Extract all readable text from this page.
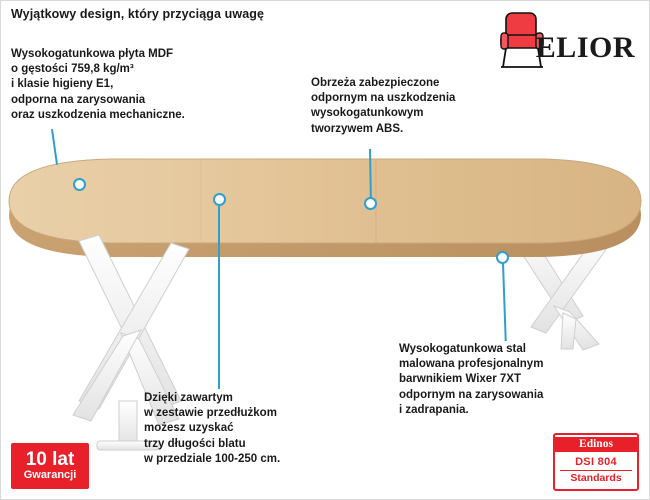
Wyjątkowy design, który przyciąga uwagę
ELIOR
Wysokogatunkowa płyta MDF
o gęstości 759,8 kg/m³
i klasie higieny E1,
odporna na zarysowania
oraz uszkodzenia mechaniczne.
Obrzeża zabezpieczone
odpornym na uszkodzenia
wysokogatunkowym
tworzywem ABS.
Dzięki zawartym
w zestawie przedłużkom
możesz uzyskać
trzy długości blatu
w przedziale 100-250 cm.
Wysokogatunkowa stal
malowana profesjonalnym
barwnikiem Wixer 7XT
odpornym na zarysowania
i zadrapania.
10 lat
Gwarancji
Edinos
DSI 804
Standards
